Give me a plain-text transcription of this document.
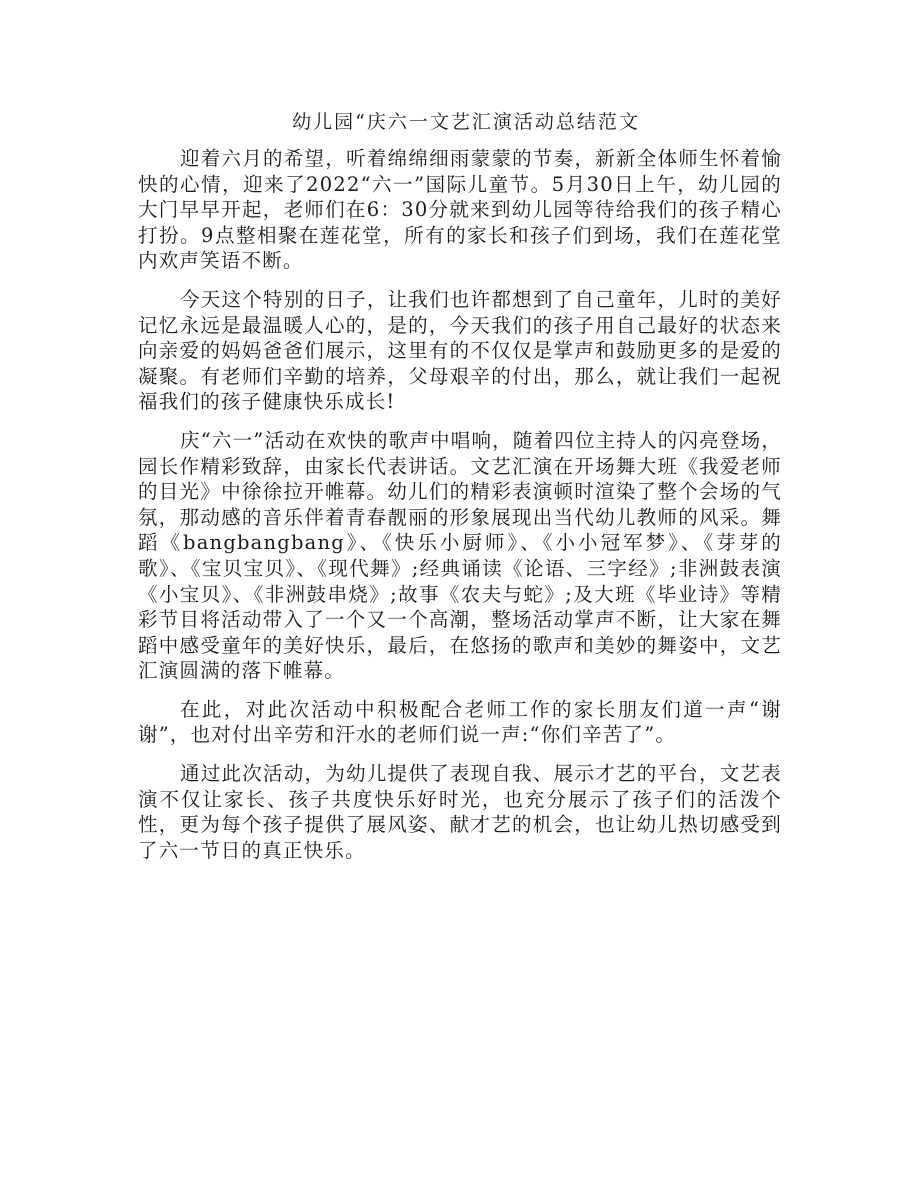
幼儿园“庆六一文艺汇演活动总结范文

迎着六月的希望，听着绵绵细雨蒙蒙的节奏，新新全体师生怀着愉快的心情，迎来了2022“六一”国际儿童节。5月30日上午，幼儿园的大门早早开起，老师们在6：30分就来到幼儿园等待给我们的孩子精心打扮。9点整相聚在莲花堂，所有的家长和孩子们到场，我们在莲花堂内欢声笑语不断。

今天这个特别的日子，让我们也许都想到了自己童年，儿时的美好记忆永远是最温暖人心的，是的，今天我们的孩子用自己最好的状态来向亲爱的妈妈爸爸们展示，这里有的不仅仅是掌声和鼓励更多的是爱的凝聚。有老师们辛勤的培养，父母艰辛的付出，那么，就让我们一起祝福我们的孩子健康快乐成长!

庆“六一”活动在欢快的歌声中唱响，随着四位主持人的闪亮登场，园长作精彩致辞，由家长代表讲话。文艺汇演在开场舞大班《我爱老师的目光》中徐徐拉开帷幕。幼儿们的精彩表演顿时渲染了整个会场的气氛，那动感的音乐伴着青春靓丽的形象展现出当代幼儿教师的风采。舞蹈《bangbangbang》、《快乐小厨师》、《小小冠军梦》、《芽芽的歌》、《宝贝宝贝》、《现代舞》;经典诵读《论语、三字经》;非洲鼓表演《小宝贝》、《非洲鼓串烧》;故事《农夫与蛇》;及大班《毕业诗》等精彩节目将活动带入了一个又一个高潮，整场活动掌声不断，让大家在舞蹈中感受童年的美好快乐，最后，在悠扬的歌声和美妙的舞姿中，文艺汇演圆满的落下帷幕。

在此，对此次活动中积极配合老师工作的家长朋友们道一声“谢谢”，也对付出辛劳和汗水的老师们说一声:“你们辛苦了”。

通过此次活动，为幼儿提供了表现自我、展示才艺的平台，文艺表演不仅让家长、孩子共度快乐好时光，也充分展示了孩子们的活泼个性，更为每个孩子提供了展风姿、献才艺的机会，也让幼儿热切感受到了六一节日的真正快乐。
